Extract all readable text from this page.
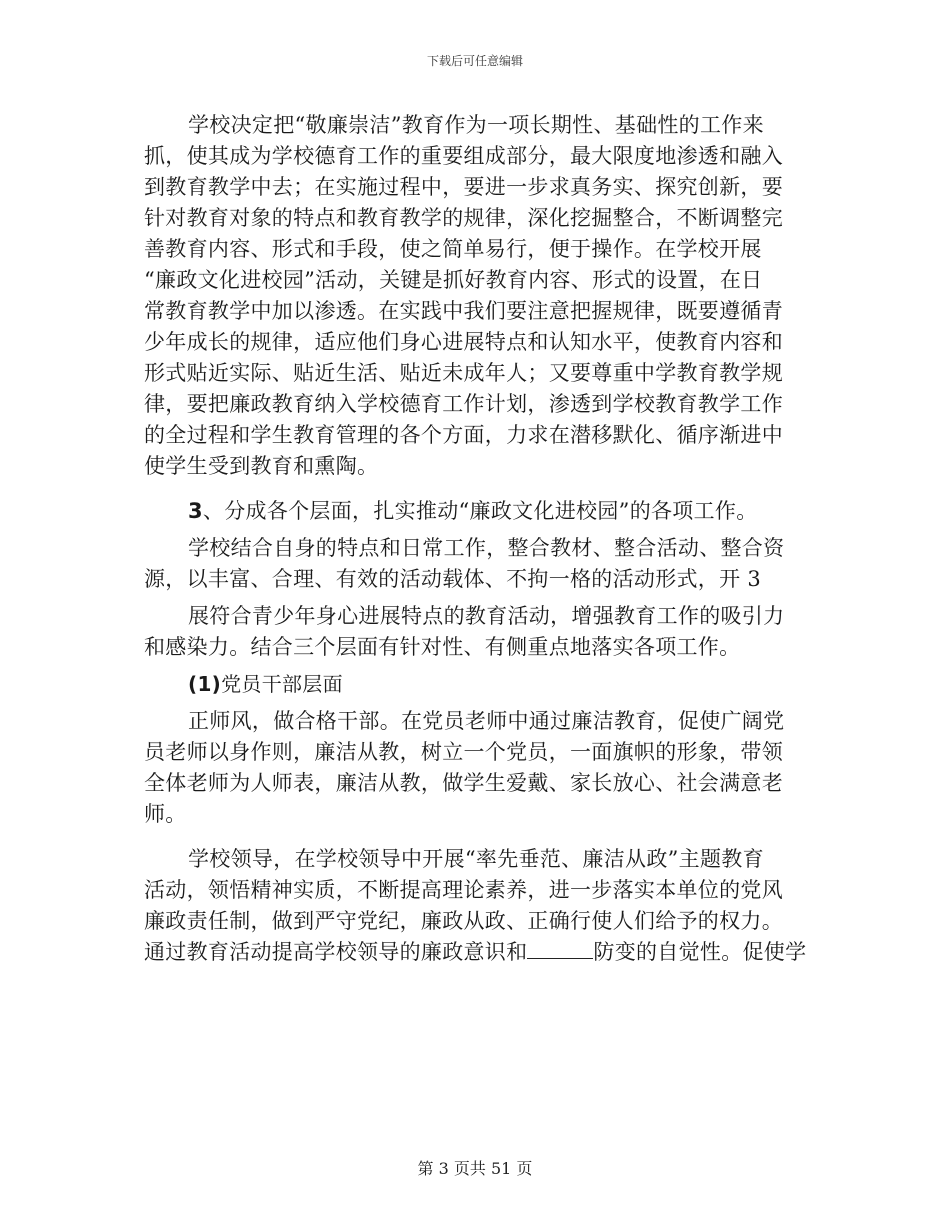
下载后可任意编辑
学校决定把“敬廉崇洁”教育作为一项长期性、基础性的工作来
抓，使其成为学校德育工作的重要组成部分，最大限度地渗透和融入
到教育教学中去；在实施过程中，要进一步求真务实、探究创新，要
针对教育对象的特点和教育教学的规律，深化挖掘整合，不断调整完
善教育内容、形式和手段，使之简单易行，便于操作。在学校开展
“廉政文化进校园”活动，关键是抓好教育内容、形式的设置，在日
常教育教学中加以渗透。在实践中我们要注意把握规律，既要遵循青
少年成长的规律，适应他们身心进展特点和认知水平，使教育内容和
形式贴近实际、贴近生活、贴近未成年人；又要尊重中学教育教学规
律，要把廉政教育纳入学校德育工作计划，渗透到学校教育教学工作
的全过程和学生教育管理的各个方面，力求在潜移默化、循序渐进中
使学生受到教育和熏陶。
3、分成各个层面，扎实推动“廉政文化进校园”的各项工作。
学校结合自身的特点和日常工作，整合教材、整合活动、整合资
源，以丰富、合理、有效的活动载体、不拘一格的活动形式，开 3
展符合青少年身心进展特点的教育活动，增强教育工作的吸引力
和感染力。结合三个层面有针对性、有侧重点地落实各项工作。
(1)党员干部层面
正师风，做合格干部。在党员老师中通过廉洁教育，促使广阔党
员老师以身作则，廉洁从教，树立一个党员，一面旗帜的形象，带领
全体老师为人师表，廉洁从教，做学生爱戴、家长放心、社会满意老
师。
学校领导，在学校领导中开展“率先垂范、廉洁从政”主题教育
活动，领悟精神实质，不断提高理论素养，进一步落实本单位的党风
廉政责任制，做到严守党纪，廉政从政、正确行使人们给予的权力。
通过教育活动提高学校领导的廉政意识和	防变的自觉性。促使学
第 3 页共 51 页
